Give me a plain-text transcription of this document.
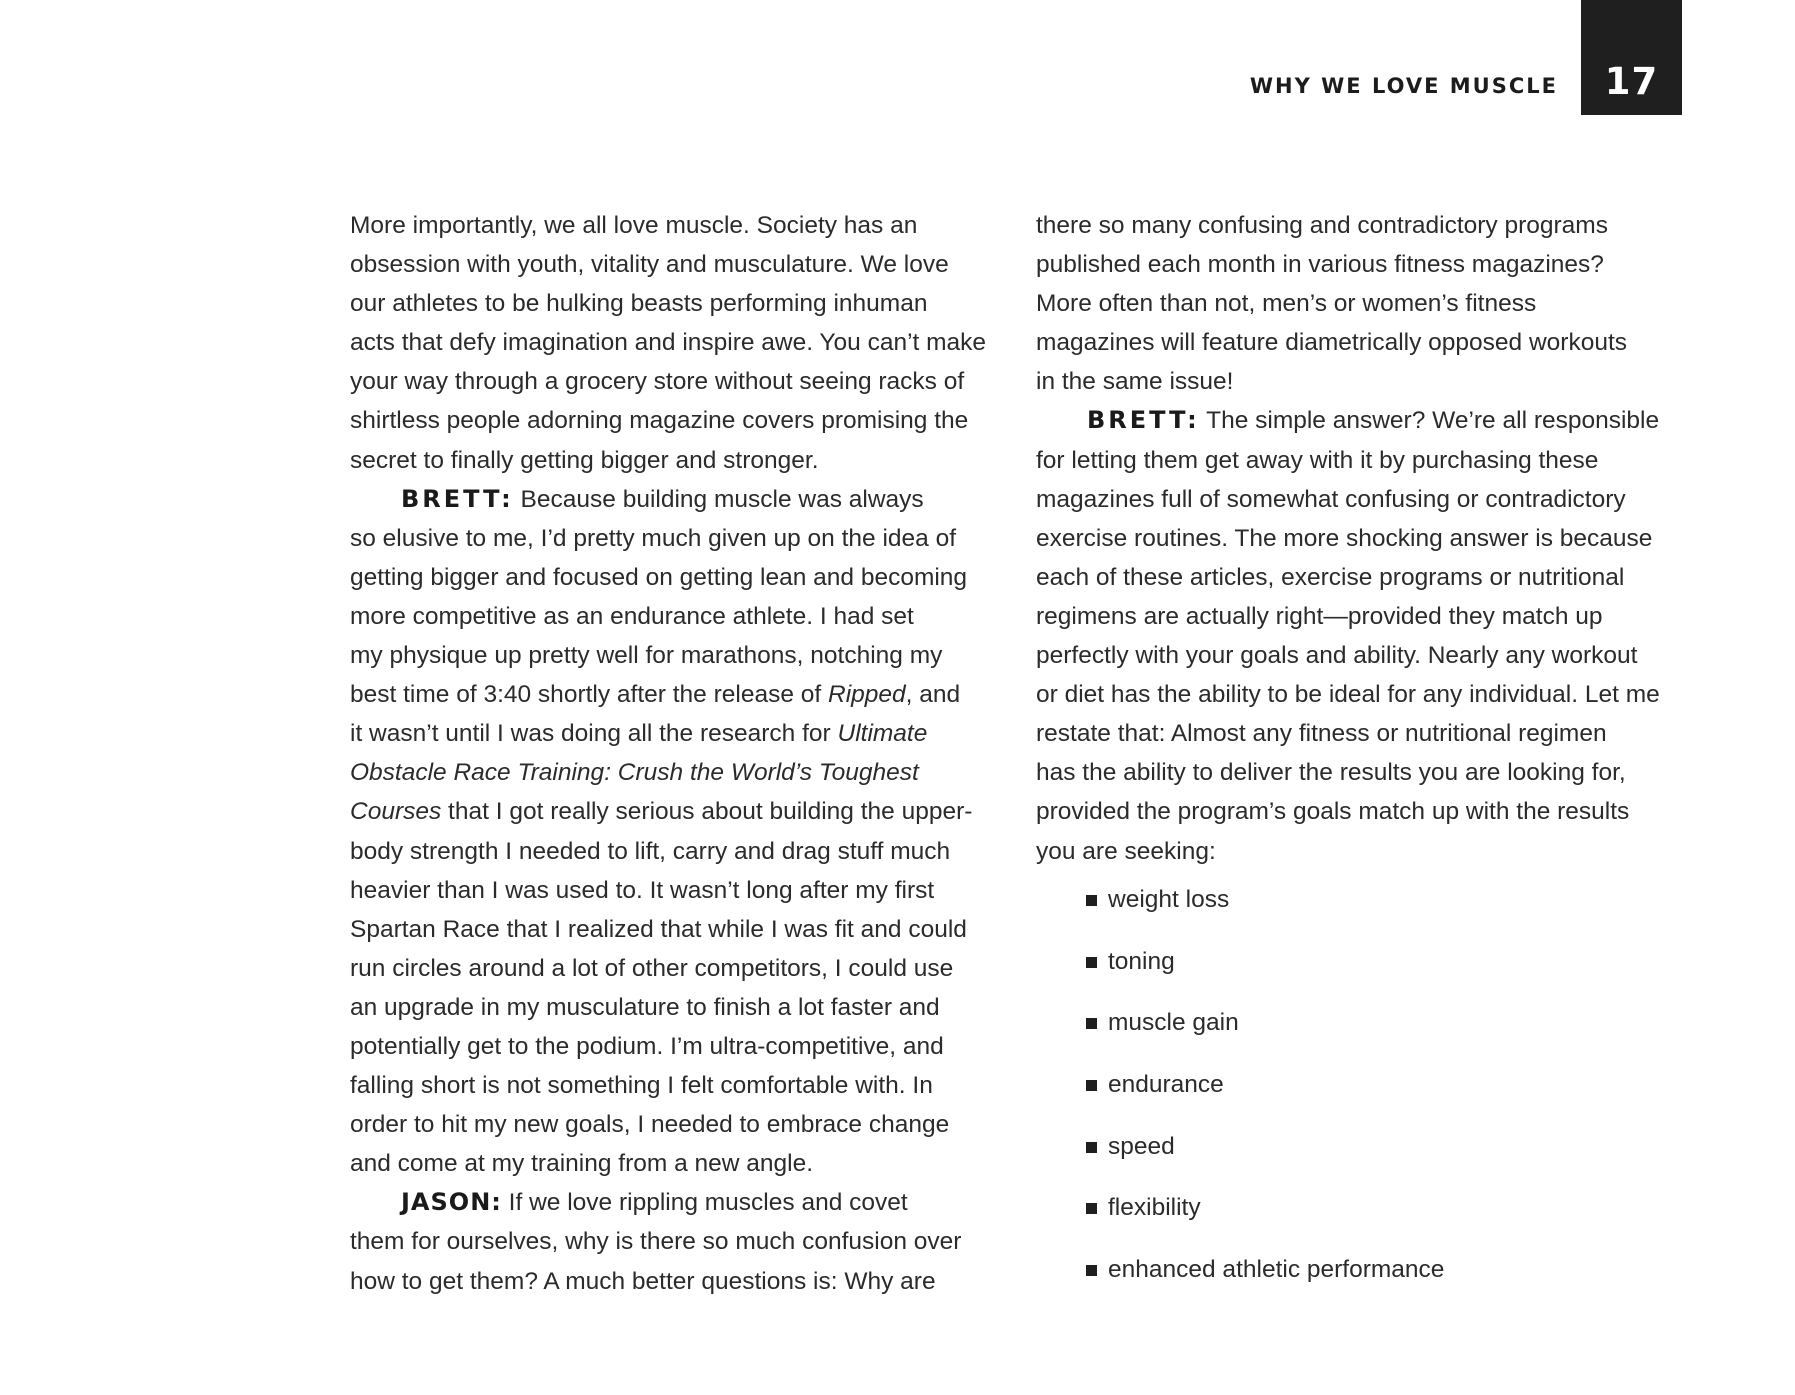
WHY WE LOVE MUSCLE	17
More importantly, we all love muscle. Society has an
obsession with youth, vitality and musculature. We love
our athletes to be hulking beasts performing inhuman
acts that defy imagination and inspire awe. You can’t make
your way through a grocery store without seeing racks of
shirtless people adorning magazine covers promising the
secret to finally getting bigger and stronger.
BRETT: Because building muscle was always
so elusive to me, I’d pretty much given up on the idea of
getting bigger and focused on getting lean and becoming
more competitive as an endurance athlete. I had set
my physique up pretty well for marathons, notching my
best time of 3:40 shortly after the release of Ripped, and
it wasn’t until I was doing all the research for Ultimate
Obstacle Race Training: Crush the World’s Toughest
Courses that I got really serious about building the upper-
body strength I needed to lift, carry and drag stuff much
heavier than I was used to. It wasn’t long after my first
Spartan Race that I realized that while I was fit and could
run circles around a lot of other competitors, I could use
an upgrade in my musculature to finish a lot faster and
potentially get to the podium. I’m ultra-competitive, and
falling short is not something I felt comfortable with. In
order to hit my new goals, I needed to embrace change
and come at my training from a new angle.
JASON: If we love rippling muscles and covet
them for ourselves, why is there so much confusion over
how to get them? A much better questions is: Why are
there so many confusing and contradictory programs
published each month in various fitness magazines?
More often than not, men’s or women’s fitness
magazines will feature diametrically opposed workouts
in the same issue!
BRETT: The simple answer? We’re all responsible
for letting them get away with it by purchasing these
magazines full of somewhat confusing or contradictory
exercise routines. The more shocking answer is because
each of these articles, exercise programs or nutritional
regimens are actually right—provided they match up
perfectly with your goals and ability. Nearly any workout
or diet has the ability to be ideal for any individual. Let me
restate that: Almost any fitness or nutritional regimen
has the ability to deliver the results you are looking for,
provided the program’s goals match up with the results
you are seeking:
weight loss
toning
muscle gain
endurance
speed
flexibility
enhanced athletic performance
